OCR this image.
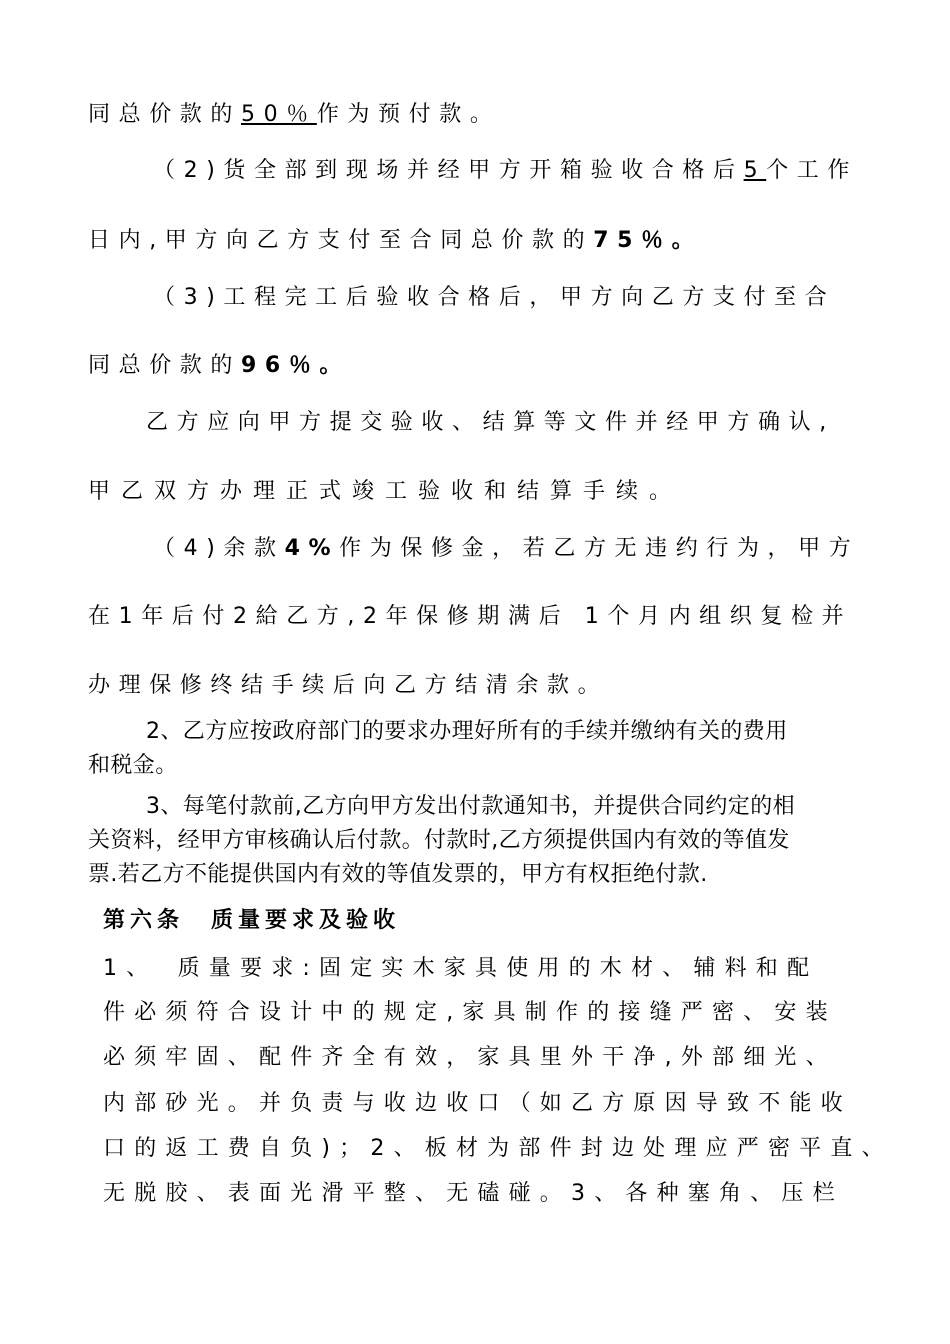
同总价款的50％作为预付款。
（2)货全部到现场并经甲方开箱验收合格后5个工作
日内,甲方向乙方支付至合同总价款的75％。
（3)工程完工后验收合格后，甲方向乙方支付至合
同总价款的96％。
乙方应向甲方提交验收、结算等文件并经甲方确认,
甲乙双方办理正式竣工验收和结算手续。
（4)余款4%作为保修金，若乙方无违约行为，甲方
在1年后付2給乙方,2年保修期满后 1个月内组织复检并
办理保修终结手续后向乙方结清余款。
2、乙方应按政府部门的要求办理好所有的手续并缴纳有关的费用
和税金。
3、每笔付款前,乙方向甲方发出付款通知书，并提供合同约定的相
关资料，经甲方审核确认后付款。付款时,乙方须提供国内有效的等值发
票.若乙方不能提供国内有效的等值发票的，甲方有权拒绝付款.
第六条　质量要求及验收
1、　质量要求:固定实木家具使用的木材、辅料和配
件必须符合设计中的规定,家具制作的接缝严密、安装
必须牢固、配件齐全有效，家具里外干净,外部细光、
内部砂光。并负责与收边收口（如乙方原因导致不能收
口的返工费自负)；2、板材为部件封边处理应严密平直、
无脱胶、表面光滑平整、无磕碰。3、各种塞角、压栏
